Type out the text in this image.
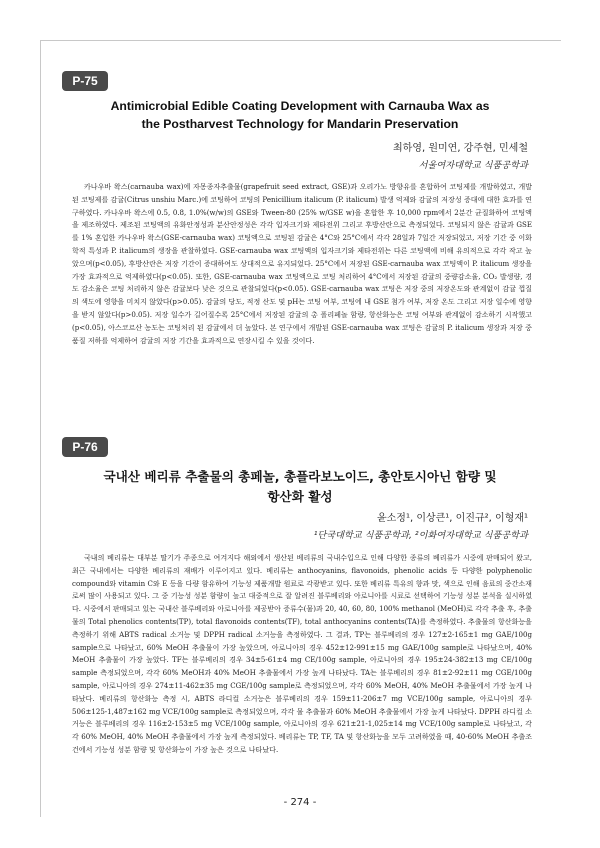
P-75
Antimicrobial Edible Coating Development with Carnauba Wax as
the Postharvest Technology for Mandarin Preservation
최하영, 원미연, 강주현, 민세철
서울여자대학교 식품공학과

카나우바 왁스(carnauba wax)에 자몽종자추출물(grapefruit seed extract, GSE)과 오리가노 방향유를 혼합하여 코팅제를 개발하였고, 개발된 코팅제를 감귤(Citrus unshiu Marc.)에 코팅하여 코팅의 Penicillium italicum (P. italicum) 발생 억제와 감귤의 저장성 증대에 대한 효과를 연구하였다. 카나우바 왁스에 0.5, 0.8, 1.0%(w/w)의 GSE와 Tween-80 (25% w/GSE w)을 혼합한 후 10,000 rpm에서 2분간 균질화하여 코팅액을 제조하였다. 제조된 코팅액의 유화안정성과 분산안정성은 각각 입자크기와 제타전위 그리고 후방산란으로 측정되었다. 코팅되지 않은 감귤과 GSE를 1% 혼입한 카나우바 왁스(GSE-carnauba wax) 코팅액으로 코팅된 감귤은 4°C와 25°C에서 각각 28일과 7일간 저장되었고, 저장 기간 중 이화학적 특성과 P. italicum의 생장을 관찰하였다. GSE-carnauba wax 코팅액의 입자크기와 제타전위는 다른 코팅액에 비해 유의적으로 각각 작고 높았으며(p<0.05), 후방산란은 저장 기간이 증대하여도 상대적으로 유지되었다. 25°C에서 저장된 GSE-carnauba wax 코팅액이 P. italicum 생장을 가장 효과적으로 억제하였다(p<0.05). 또한, GSE-carnauba wax 코팅액으로 코팅 처리하여 4°C에서 저장된 감귤의 중량감소율, CO₂ 발생량, 경도 감소율은 코팅 처리하지 않은 감귤보다 낮은 것으로 관찰되었다(p<0.05). GSE-carnauba wax 코팅은 저장 중의 저장온도와 관계없이 감귤 껍질의 색도에 영향을 미치지 않았다(p>0.05). 감귤의 당도, 적정 산도 및 pH는 코팅 여부, 코팅에 내 GSE 첨가 여부, 저장 온도 그리고 저장 일수에 영향을 받지 않았다(p>0.05). 저장 일수가 길어질수록 25°C에서 저장된 감귤의 총 폴리페놀 함량, 항산화능은 코팅 여부와 관계없이 감소하기 시작했고 (p<0.05), 아스코르산 농도는 코팅처리 된 감귤에서 더 높았다. 본 연구에서 개발된 GSE-carnauba wax 코팅은 감귤의 P. italicum 생장과 저장 중 품질 저하를 억제하여 감귤의 저장 기간을 효과적으로 연장시킬 수 있을 것이다.

P-76
국내산 베리류 추출물의 총페놀, 총플라보노이드, 총안토시아닌 함량 및
항산화 활성
윤소정¹, 이상큰¹, 이진규², 이형재¹
¹단국대학교 식품공학과, ²이화여자대학교 식품공학과

국내의 베리류는 대부분 딸기가 주종으로 여겨지다 해외에서 생산된 베리류의 국내수입으로 인해 다양한 종류의 베리류가 시중에 판매되어 왔고, 최근 국내에서는 다양한 베리류의 재배가 이루어지고 있다. 베리류는 anthocyanins, flavonoids, phenolic acids 등 다양한 polyphenolic compound와 vitamin C와 E 등을 다량 함유하여 기능성 제품개발 원료로 각광받고 있다. 또한 베리류 특유의 향과 맛, 색으로 인해 음료의 중간소재로써 많이 사용되고 있다. 그 중 기능성 성분 함량이 높고 대중적으로 잘 알려진 블루베리와 아로니아를 시료로 선택하여 기능성 성분 분석을 실시하였다. 시중에서 판매되고 있는 국내산 블루베리와 아로니아를 제공받아 증류수(물)과 20, 40, 60, 80, 100% methanol (MeOH)로 각각 추출 후, 추출물의 Total phenolics contents(TP), total flavonoids contents(TF), total anthocyanins contents(TA)를 측정하였다. 추출물의 항산화능을 측정하기 위해 ABTS radical 소거능 및 DPPH radical 소거능을 측정하였다. 그 결과, TP는 블루베리의 경우 127±2-165±1 mg GAE/100g sample으로 나타났고, 60% MeOH 추출물이 가장 높았으며, 아로니아의 경우 452±12-991±15 mg GAE/100g sample로 나타났으며, 40% MeOH 추출물이 가장 높았다. TF는 블루베리의 경우 34±5-61±4 mg CE/100g sample, 아로니아의 경우 195±24-382±13 mg CE/100g sample 측정되었으며, 각각 60% MeOH과 40% MeOH 추출물에서 가장 높게 나타났다. TA는 블루베리의 경우 81±2-92±11 mg CGE/100g sample, 아로니아의 경우 274±11-462±35 mg CGE/100g sample로 측정되었으며, 각각 60% MeOH, 40% MeOH 추출물에서 가장 높게 나타났다. 베리류의 항산화능 측정 시, ABTS 라디컬 소거능은 블루베리의 경우 159±11-206±7 mg VCE/100g sample, 아로니아의 경우 506±125-1,487±162 mg VCE/100g sample로 측정되었으며, 각각 물 추출물과 60% MeOH 추출물에서 가장 높게 나타났다. DPPH 라디컬 소거능은 블루베리의 경우 116±2-153±5 mg VCE/100g sample, 아로니아의 경우 621±21-1,025±14 mg VCE/100g sample로 나타났고, 각각 60% MeOH, 40% MeOH 추출물에서 가장 높게 측정되었다. 베리류는 TP, TF, TA 및 항산화능을 모두 고려하였을 때, 40-60% MeOH 추출조건에서 기능성 성분 함량 및 항산화능이 가장 높은 것으로 나타났다.

- 274 -
